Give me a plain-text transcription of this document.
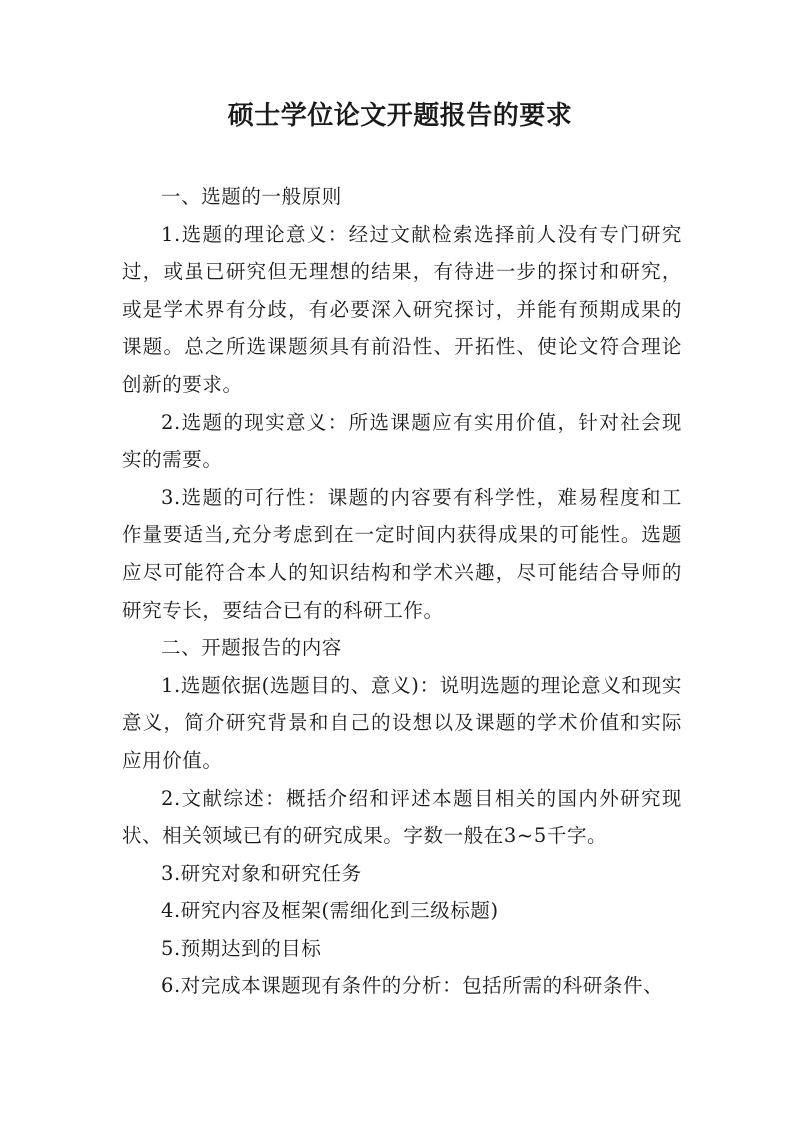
硕士学位论文开题报告的要求

一、选题的一般原则

1.选题的理论意义：经过文献检索选择前人没有专门研究过，或虽已研究但无理想的结果，有待进一步的探讨和研究，或是学术界有分歧，有必要深入研究探讨，并能有预期成果的课题。总之所选课题须具有前沿性、开拓性、使论文符合理论创新的要求。

2.选题的现实意义：所选课题应有实用价值，针对社会现实的需要。

3.选题的可行性：课题的内容要有科学性，难易程度和工作量要适当,充分考虑到在一定时间内获得成果的可能性。选题应尽可能符合本人的知识结构和学术兴趣，尽可能结合导师的研究专长，要结合已有的科研工作。

二、开题报告的内容

1.选题依据(选题目的、意义)：说明选题的理论意义和现实意义，简介研究背景和自己的设想以及课题的学术价值和实际应用价值。

2.文献综述：概括介绍和评述本题目相关的国内外研究现状、相关领域已有的研究成果。字数一般在3~5千字。

3.研究对象和研究任务

4.研究内容及框架(需细化到三级标题)

5.预期达到的目标

6.对完成本课题现有条件的分析：包括所需的科研条件、
